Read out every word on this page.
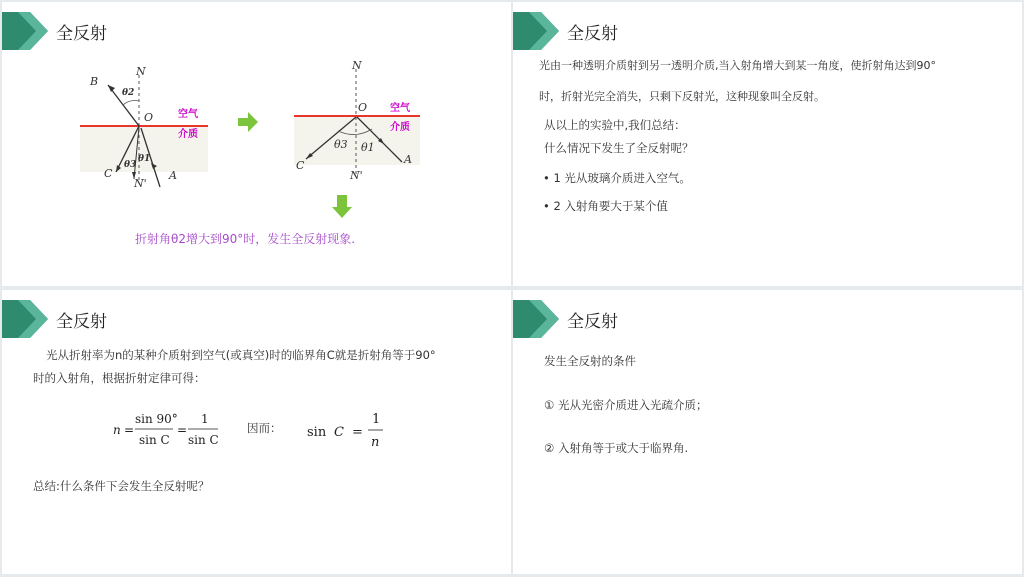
全反射
B
N
O
C
N'
A
θ2
θ3
θ1
空气
介质
N
O
C
N'
A
θ3 θ1
空气
介质
折射角θ2增大到90°时，发生全反射现象.
全反射
光由一种透明介质射到另一透明介质,当入射角增大到某一角度，使折射角达到90°
时，折射光完全消失，只剩下反射光，这种现象叫全反射。
从以上的实验中,我们总结：
什么情况下发生了全反射呢？
• 1 光从玻璃介质进入空气。
• 2 入射角要大于某个值
全反射
光从折射率为n的某种介质射到空气(或真空)时的临界角C就是折射角等于90°
时的入射角，根据折射定律可得：
n =
sin 90°
sin C
=
1
sin C
因而： sin C =
1
n
总结:什么条件下会发生全反射呢？
全反射
发生全反射的条件
① 光从光密介质进入光疏介质；
② 入射角等于或大于临界角.
